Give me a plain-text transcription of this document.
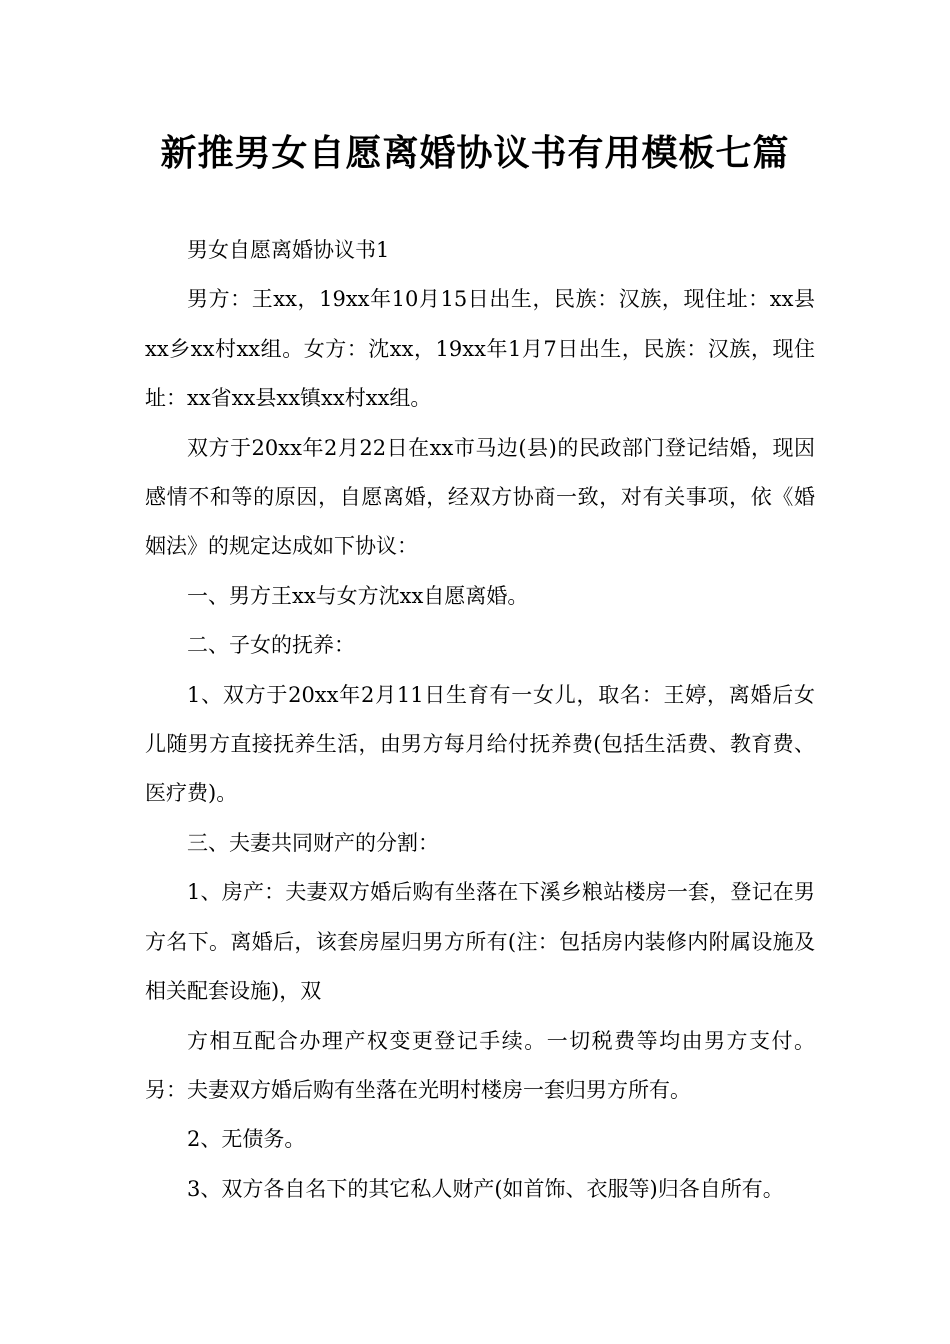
新推男女自愿离婚协议书有用模板七篇

男女自愿离婚协议书1

男方：王xx，19xx年10月15日出生，民族：汉族，现住址：xx县xx乡xx村xx组。女方：沈xx，19xx年1月7日出生，民族：汉族，现住址：xx省xx县xx镇xx村xx组。

双方于20xx年2月22日在xx市马边(县)的民政部门登记结婚，现因感情不和等的原因，自愿离婚，经双方协商一致，对有关事项，依《婚姻法》的规定达成如下协议：

一、男方王xx与女方沈xx自愿离婚。

二、子女的抚养：

1、双方于20xx年2月11日生育有一女儿，取名：王婷，离婚后女儿随男方直接抚养生活，由男方每月给付抚养费(包括生活费、教育费、医疗费)。

三、夫妻共同财产的分割：

1、房产：夫妻双方婚后购有坐落在下溪乡粮站楼房一套，登记在男方名下。离婚后，该套房屋归男方所有(注：包括房内装修内附属设施及相关配套设施)，双

方相互配合办理产权变更登记手续。一切税费等均由男方支付。另：夫妻双方婚后购有坐落在光明村楼房一套归男方所有。

2、无债务。

3、双方各自名下的其它私人财产(如首饰、衣服等)归各自所有。
